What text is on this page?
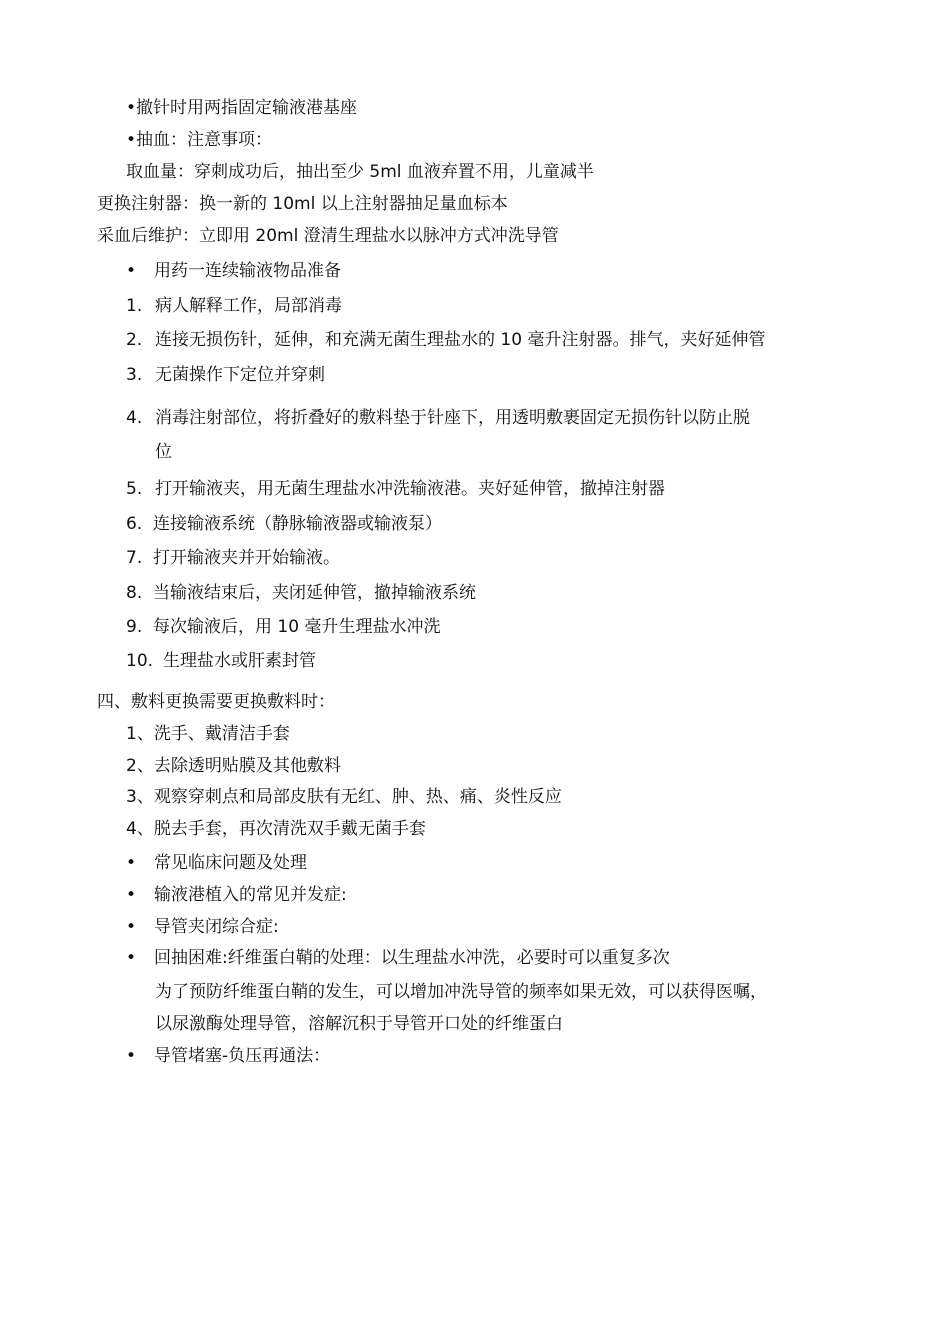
•撤针时用两指固定输液港基座
•抽血：注意事项：
取血量：穿刺成功后，抽出至少 5ml 血液弃置不用，儿童减半
更换注射器：换一新的 10ml 以上注射器抽足量血标本
采血后维护：立即用 20ml 澄清生理盐水以脉冲方式冲洗导管
• 用药一连续输液物品准备
1. 病人解释工作，局部消毒
2. 连接无损伤针，延伸，和充满无菌生理盐水的 10 毫升注射器。排气，夹好延伸管
3. 无菌操作下定位并穿刺
4. 消毒注射部位，将折叠好的敷料垫于针座下，用透明敷裹固定无损伤针以防止脱
位
5. 打开输液夹，用无菌生理盐水冲洗输液港。夹好延伸管，撤掉注射器
6. 连接输液系统（静脉输液器或输液泵）
7. 打开输液夹并开始输液。
8. 当输液结束后，夹闭延伸管，撤掉输液系统
9. 每次输液后，用 10 毫升生理盐水冲洗
10. 生理盐水或肝素封管
四、敷料更换需要更换敷料时：
1、洗手、戴清洁手套
2、去除透明贴膜及其他敷料
3、观察穿刺点和局部皮肤有无红、肿、热、痛、炎性反应
4、脱去手套，再次清洗双手戴无菌手套
• 常见临床问题及处理
• 输液港植入的常见并发症:
• 导管夹闭综合症:
• 回抽困难:纤维蛋白鞘的处理：以生理盐水冲洗，必要时可以重复多次
为了预防纤维蛋白鞘的发生，可以增加冲洗导管的频率如果无效，可以获得医嘱，
以尿激酶处理导管，溶解沉积于导管开口处的纤维蛋白
• 导管堵塞-负压再通法：
